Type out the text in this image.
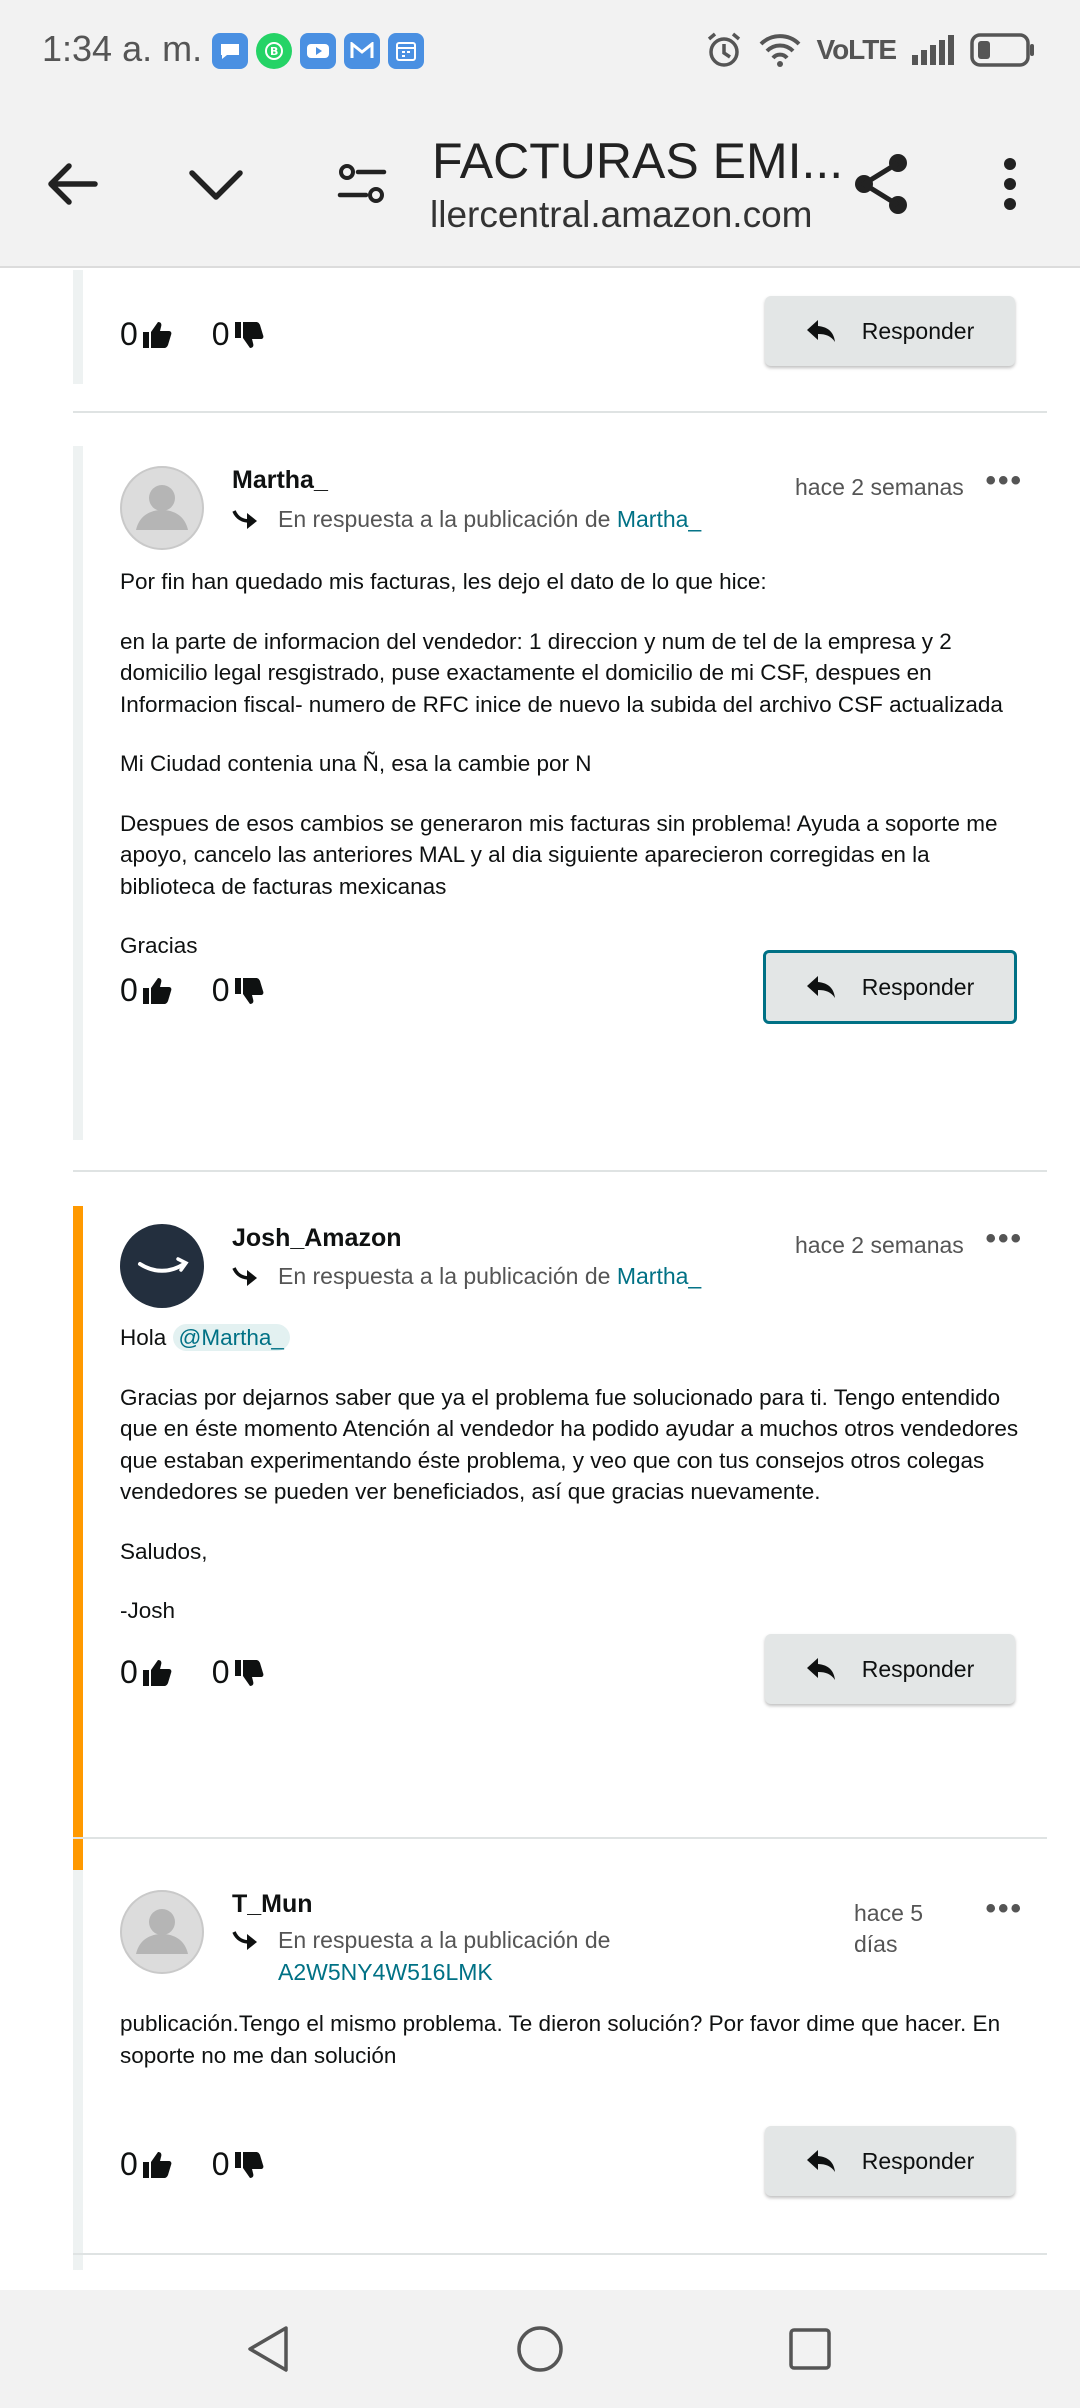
1:34 a. m.	B	VoLTE
FACTURAS EMI...
llercentral.amazon.com
0 0	Responder
Martha_
En respuesta a la publicación de Martha_
hace 2 semanas •••

Por fin han quedado mis facturas, les dejo el dato de lo que hice:

en la parte de informacion del vendedor: 1 direccion y num de tel de la empresa y 2 domicilio legal resgistrado, puse exactamente el domicilio de mi CSF, despues en Informacion fiscal- numero de RFC inice de nuevo la subida del archivo CSF actualizada

Mi Ciudad contenia una Ñ, esa la cambie por N

Despues de esos cambios se generaron mis facturas sin problema! Ayuda a soporte me apoyo, cancelo las anteriores MAL y al dia siguiente aparecieron corregidas en la biblioteca de facturas mexicanas

Gracias

0 0	Responder
Josh_Amazon
En respuesta a la publicación de Martha_
hace 2 semanas •••

Hola @Martha_

Gracias por dejarnos saber que ya el problema fue solucionado para ti. Tengo entendido que en éste momento Atención al vendedor ha podido ayudar a muchos otros vendedores que estaban experimentando éste problema, y veo que con tus consejos otros colegas vendedores se pueden ver beneficiados, así que gracias nuevamente.

Saludos,

-Josh

0 0	Responder
T_Mun
En respuesta a la publicación de
A2W5NY4W516LMK
hace 5
días
•••

publicación.Tengo el mismo problema. Te dieron solución? Por favor dime que hacer. En soporte no me dan solución

0 0	Responder
